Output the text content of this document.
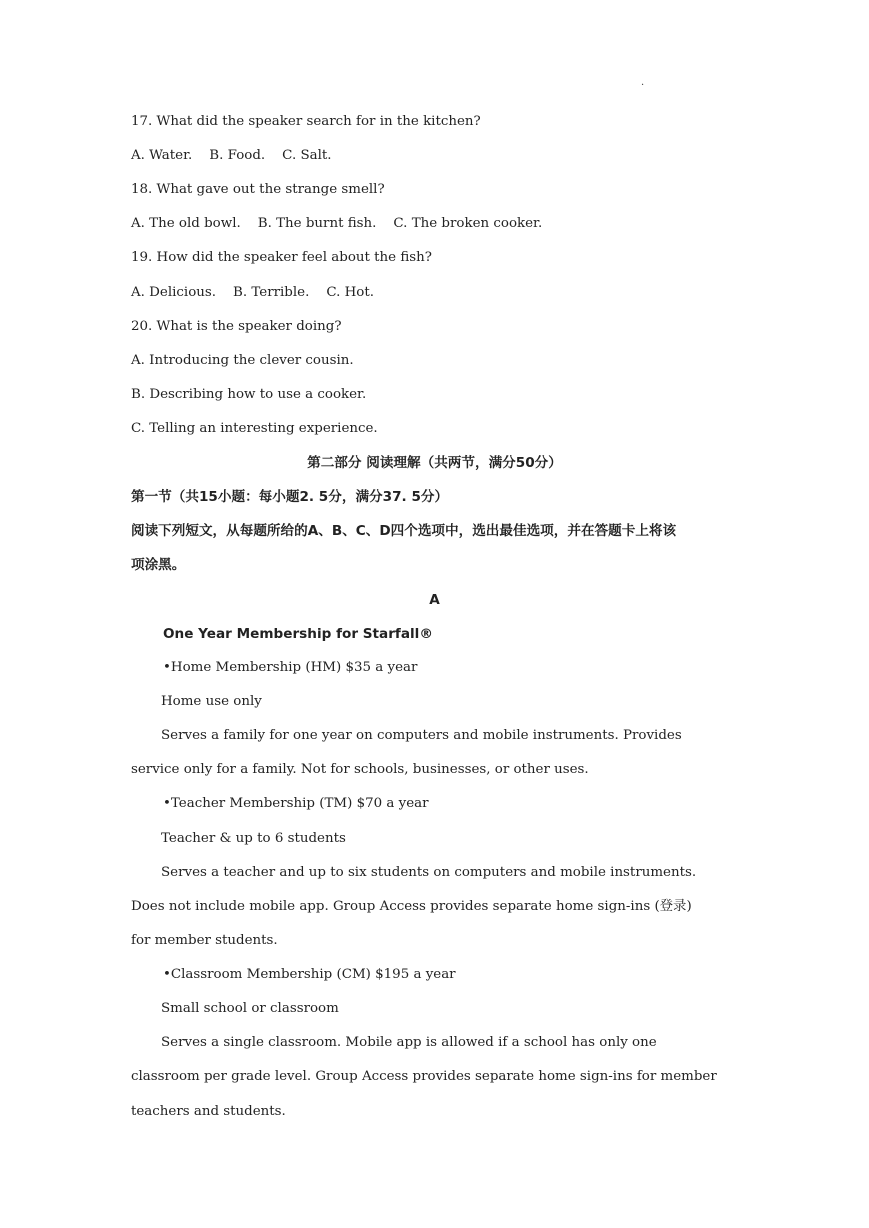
·
17. What did the speaker search for in the kitchen?
A. Water.    B. Food.    C. Salt.
18. What gave out the strange smell?
A. The old bowl.    B. The burnt fish.    C. The broken cooker.
19. How did the speaker feel about the fish?
A. Delicious.    B. Terrible.    C. Hot.
20. What is the speaker doing?
A. Introducing the clever cousin.
B. Describing how to use a cooker.
C. Telling an interesting experience.
第二部分 阅读理解（共两节，满分50分）
第一节（共15小题：每小题2. 5分，满分37. 5分）
阅读下列短文，从每题所给的A、B、C、D四个选项中，选出最佳选项，并在答题卡上将该
项涂黑。
A
One Year Membership for Starfall®
•Home Membership (HM) $35 a year
Home use only
Serves a family for one year on computers and mobile instruments. Provides
service only for a family. Not for schools, businesses, or other uses.
•Teacher Membership (TM) $70 a year
Teacher & up to 6 students
Serves a teacher and up to six students on computers and mobile instruments.
Does not include mobile app. Group Access provides separate home sign-ins (登录)
for member students.
•Classroom Membership (CM) $195 a year
Small school or classroom
Serves a single classroom. Mobile app is allowed if a school has only one
classroom per grade level. Group Access provides separate home sign-ins for member
teachers and students.
